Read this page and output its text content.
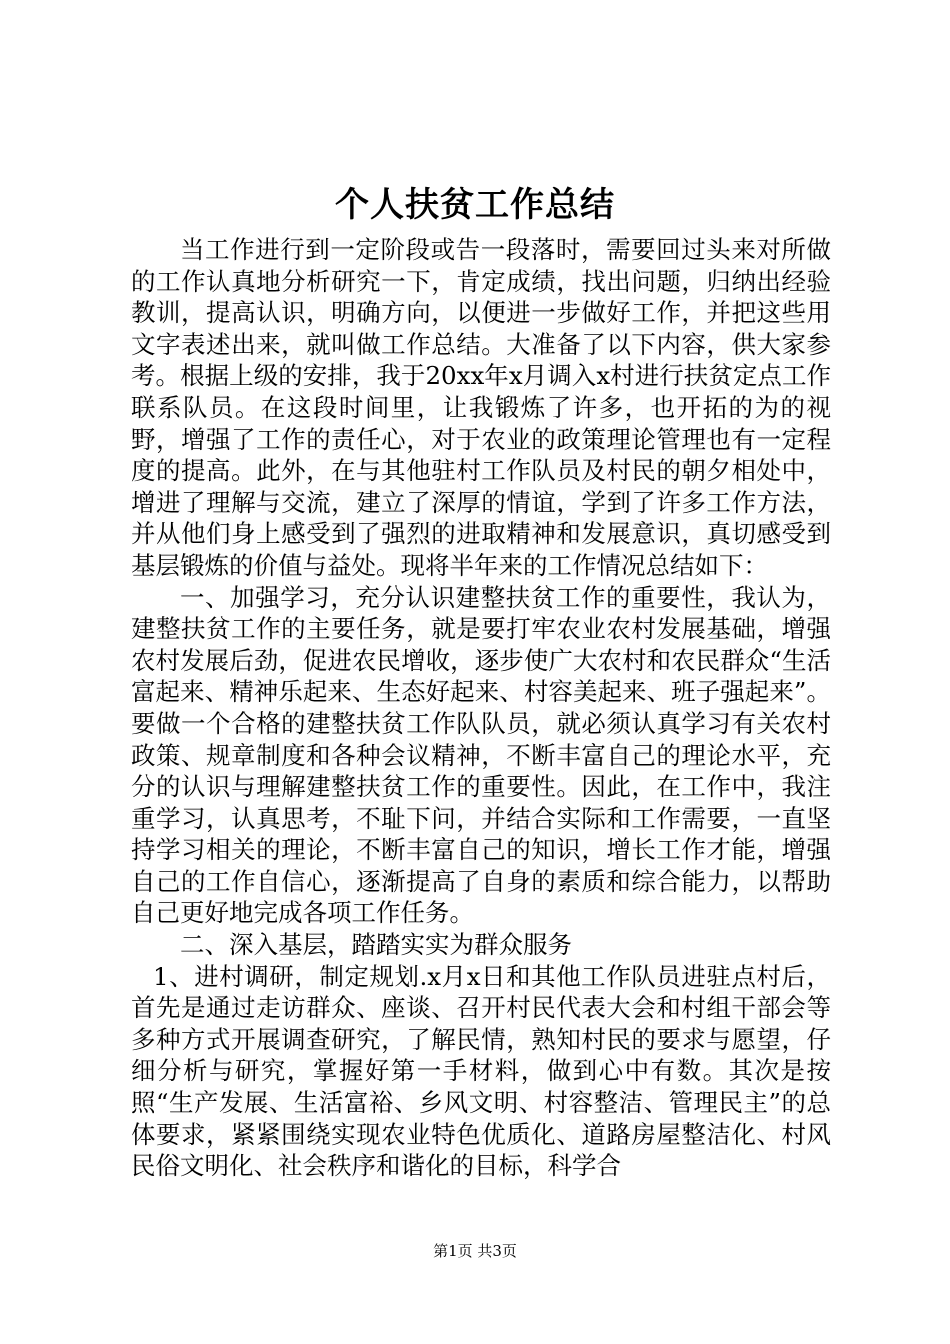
个人扶贫工作总结

当工作进行到一定阶段或告一段落时，需要回过头来对所做的工作认真地分析研究一下，肯定成绩，找出问题，归纳出经验教训，提高认识，明确方向，以便进一步做好工作，并把这些用文字表述出来，就叫做工作总结。大准备了以下内容，供大家参考。根据上级的安排，我于20xx年x月调入x村进行扶贫定点工作联系队员。在这段时间里，让我锻炼了许多，也开拓的为的视野，增强了工作的责任心，对于农业的政策理论管理也有一定程度的提高。此外，在与其他驻村工作队员及村民的朝夕相处中，增进了理解与交流，建立了深厚的情谊，学到了许多工作方法，并从他们身上感受到了强烈的进取精神和发展意识，真切感受到基层锻炼的价值与益处。现将半年来的工作情况总结如下：

一、加强学习，充分认识建整扶贫工作的重要性，我认为，建整扶贫工作的主要任务，就是要打牢农业农村发展基础，增强农村发展后劲，促进农民增收，逐步使广大农村和农民群众“生活富起来、精神乐起来、生态好起来、村容美起来、班子强起来”。要做一个合格的建整扶贫工作队队员，就必须认真学习有关农村政策、规章制度和各种会议精神，不断丰富自己的理论水平，充分的认识与理解建整扶贫工作的重要性。因此，在工作中，我注重学习，认真思考，不耻下问，并结合实际和工作需要，一直坚持学习相关的理论，不断丰富自己的知识，增长工作才能，增强自己的工作自信心，逐渐提高了自身的素质和综合能力，以帮助自己更好地完成各项工作任务。

二、深入基层，踏踏实实为群众服务

1、进村调研，制定规划.x月x日和其他工作队员进驻点村后，首先是通过走访群众、座谈、召开村民代表大会和村组干部会等多种方式开展调查研究，了解民情，熟知村民的要求与愿望，仔细分析与研究，掌握好第一手材料，做到心中有数。其次是按照“生产发展、生活富裕、乡风文明、村容整洁、管理民主”的总体要求，紧紧围绕实现农业特色优质化、道路房屋整洁化、村风民俗文明化、社会秩序和谐化的目标，科学合

第1页 共3页
